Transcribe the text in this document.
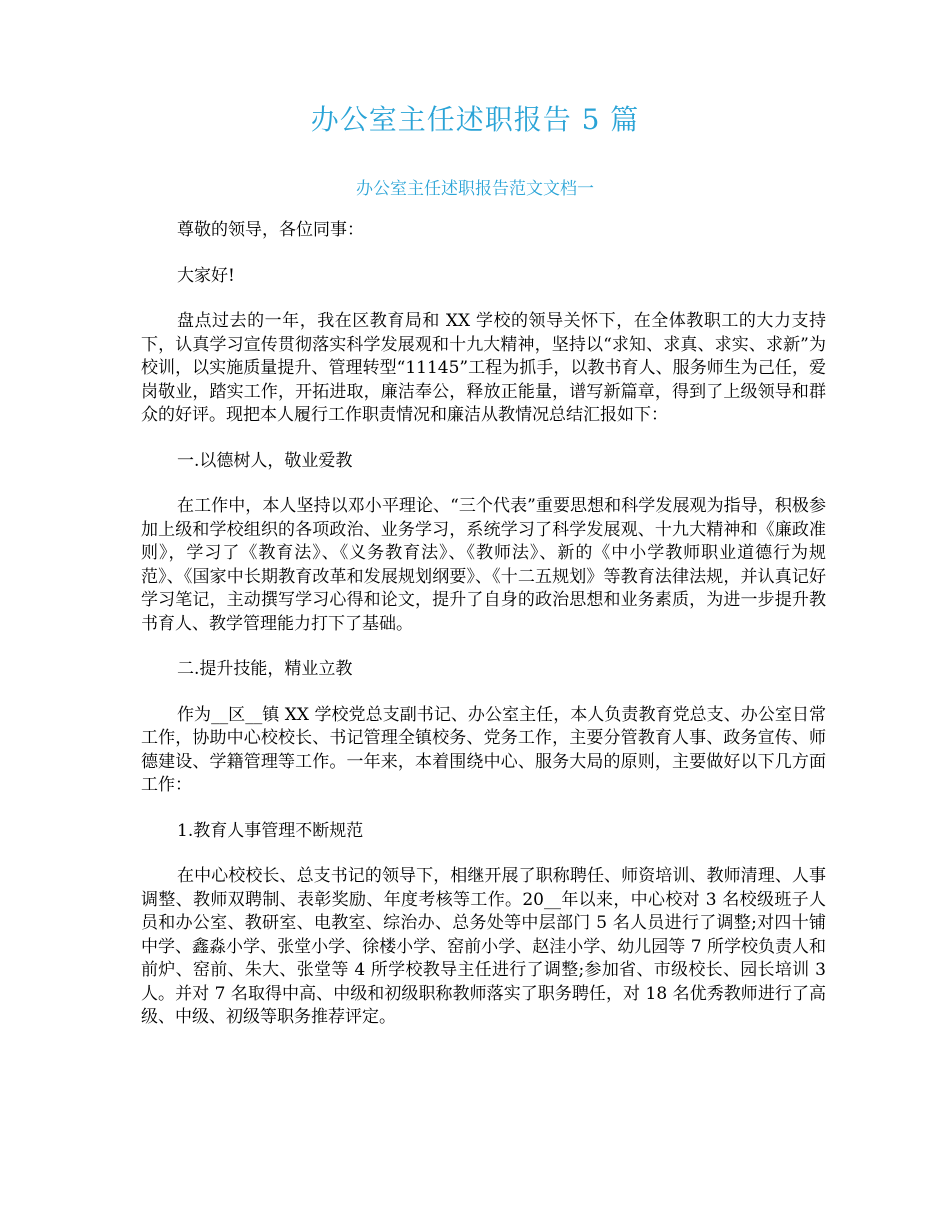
办公室主任述职报告 5 篇
办公室主任述职报告范文文档一

尊敬的领导，各位同事：

大家好!

盘点过去的一年，我在区教育局和 XX 学校的领导关怀下，在全体教职工的大力支持下，认真学习宣传贯彻落实科学发展观和十九大精神，坚持以“求知、求真、求实、求新”为校训，以实施质量提升、管理转型“11145”工程为抓手，以教书育人、服务师生为己任，爱岗敬业，踏实工作，开拓进取，廉洁奉公，释放正能量，谱写新篇章，得到了上级领导和群众的好评。现把本人履行工作职责情况和廉洁从教情况总结汇报如下：

一.以德树人，敬业爱教

在工作中，本人坚持以邓小平理论、“三个代表”重要思想和科学发展观为指导，积极参加上级和学校组织的各项政治、业务学习，系统学习了科学发展观、十九大精神和《廉政准则》，学习了《教育法》、《义务教育法》、《教师法》、新的《中小学教师职业道德行为规范》、《国家中长期教育改革和发展规划纲要》、《十二五规划》等教育法律法规，并认真记好学习笔记，主动撰写学习心得和论文，提升了自身的政治思想和业务素质，为进一步提升教书育人、教学管理能力打下了基础。

二.提升技能，精业立教

作为__区__镇 XX 学校党总支副书记、办公室主任，本人负责教育党总支、办公室日常工作，协助中心校校长、书记管理全镇校务、党务工作，主要分管教育人事、政务宣传、师德建设、学籍管理等工作。一年来，本着围绕中心、服务大局的原则，主要做好以下几方面工作：

1.教育人事管理不断规范

在中心校校长、总支书记的领导下，相继开展了职称聘任、师资培训、教师清理、人事调整、教师双聘制、表彰奖励、年度考核等工作。20__年以来，中心校对 3 名校级班子人员和办公室、教研室、电教室、综治办、总务处等中层部门 5 名人员进行了调整;对四十铺中学、鑫淼小学、张堂小学、徐楼小学、窑前小学、赵洼小学、幼儿园等 7 所学校负责人和前炉、窑前、朱大、张堂等 4 所学校教导主任进行了调整;参加省、市级校长、园长培训 3 人。并对 7 名取得中高、中级和初级职称教师落实了职务聘任，对 18 名优秀教师进行了高级、中级、初级等职务推荐评定。
